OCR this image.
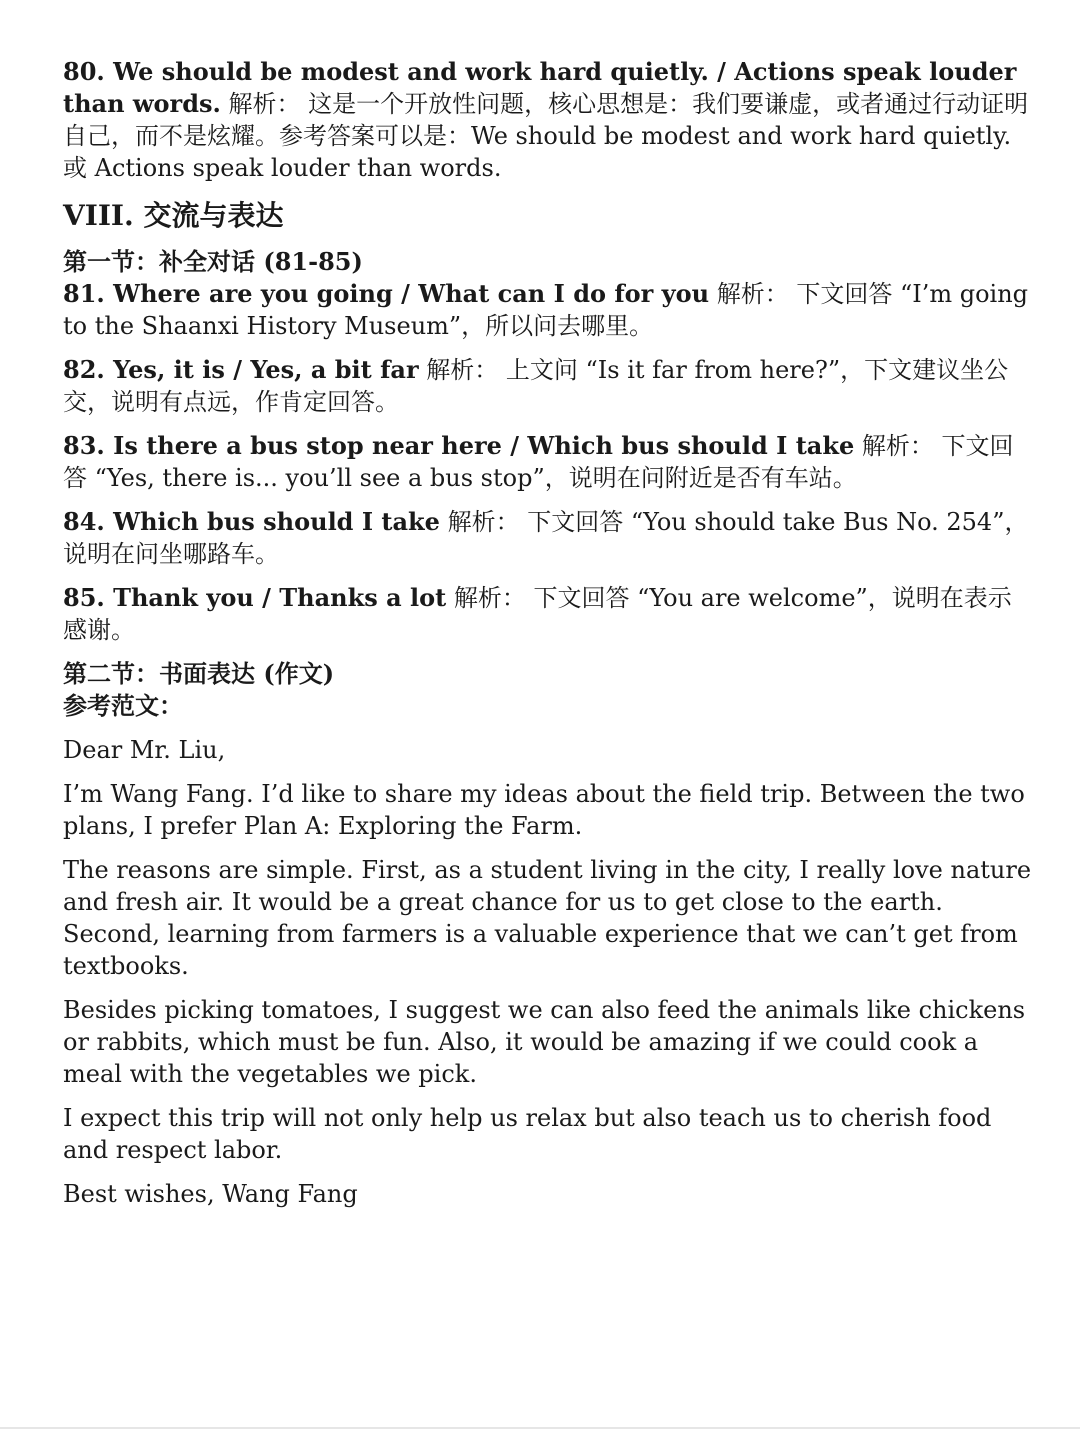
80. We should be modest and work hard quietly. / Actions speak louder than words. 解析： 这是一个开放性问题，核心思想是：我们要谦虚，或者通过行动证明自己，而不是炫耀。参考答案可以是：We should be modest and work hard quietly. 或 Actions speak louder than words.

VIII. 交流与表达

第一节：补全对话 (81-85)

81. Where are you going / What can I do for you 解析： 下文回答 “I’m going to the Shaanxi History Museum”，所以问去哪里。

82. Yes, it is / Yes, a bit far 解析： 上文问 “Is it far from here?”，下文建议坐公交，说明有点远，作肯定回答。

83. Is there a bus stop near here / Which bus should I take 解析： 下文回答 “Yes, there is... you’ll see a bus stop”，说明在问附近是否有车站。

84. Which bus should I take 解析： 下文回答 “You should take Bus No. 254”，说明在问坐哪路车。

85. Thank you / Thanks a lot 解析： 下文回答 “You are welcome”，说明在表示感谢。

第二节：书面表达 (作文)

参考范文：

Dear Mr. Liu,

I’m Wang Fang. I’d like to share my ideas about the field trip. Between the two plans, I prefer Plan A: Exploring the Farm.

The reasons are simple. First, as a student living in the city, I really love nature and fresh air. It would be a great chance for us to get close to the earth. Second, learning from farmers is a valuable experience that we can’t get from textbooks.

Besides picking tomatoes, I suggest we can also feed the animals like chickens or rabbits, which must be fun. Also, it would be amazing if we could cook a meal with the vegetables we pick.

I expect this trip will not only help us relax but also teach us to cherish food and respect labor.

Best wishes, Wang Fang
